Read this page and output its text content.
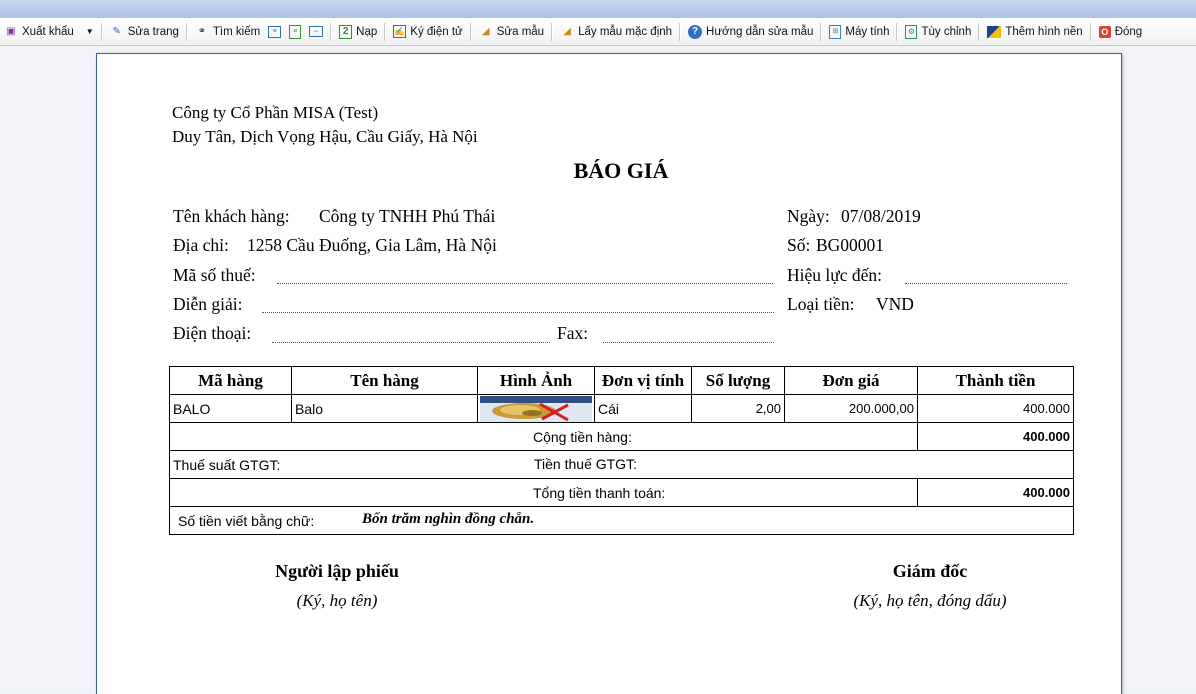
▣ Xuất khẩu ▼ ✎ Sửa trang ⚭ Tìm kiếm	≡	≡	⇔	2 Nạp ✍ Ký điện tử	◢ Sửa mẫu	◢ Lấy mẫu mặc định	? Hướng dẫn sửa mẫu	⊞ Máy tính	⚙ Tùy chỉnh	Thêm hình nền O Đóng
Công ty Cổ Phần MISA (Test)
Duy Tân, Dịch Vọng Hậu, Cầu Giấy, Hà Nội
BÁO GIÁ
Tên khách hàng: Công ty TNHH Phú Thái
Địa chỉ: 1258 Cầu Đuống, Gia Lâm, Hà Nội
Mã số thuế:
Diễn giải:
Điện thoại:	Fax:
Ngày: 07/08/2019
Số: BG00001
Hiệu lực đến:
Loại tiền: VND
Mã hàng	Tên hàng	Hình Ảnh	Đơn vị tính	Số lượng	Đơn giá	Thành tiền
BALO	Balo		Cái	2,00	200.000,00	400.000
Cộng tiền hàng:						400.000
Thuế suất GTGT: Tiền thuế GTGT:						

Tổng tiền thanh toán:						400.000
Số tiền viết bằng chữ: Bốn trăm nghìn đồng chẵn.						
Người lập phiếu
(Ký, họ tên)
Giám đốc
(Ký, họ tên, đóng dấu)
